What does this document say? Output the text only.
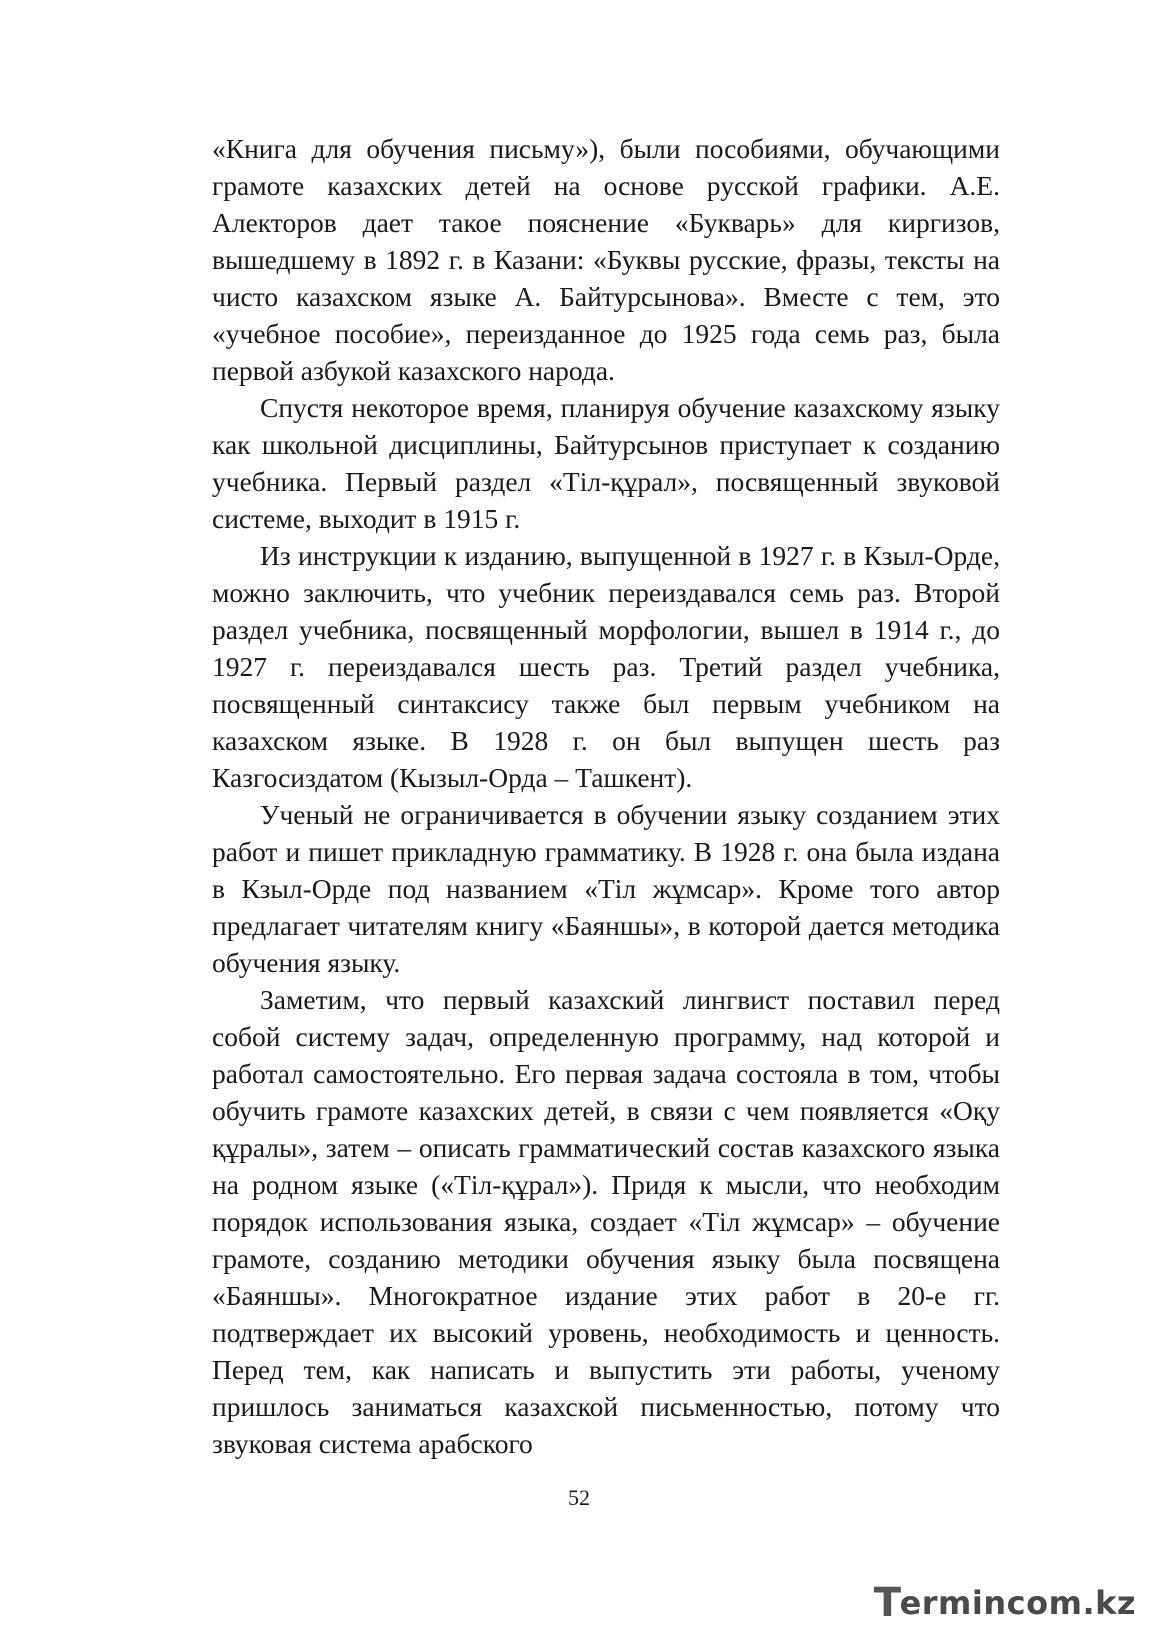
«Книга для обучения письму»), были пособиями, обучающими грамоте казахских детей на основе русской графики. А.Е. Алекторов дает такое пояснение «Букварь» для киргизов, вышедшему в 1892 г. в Казани: «Буквы русские, фразы, тексты на чисто казахском языке А. Байтурсынова». Вместе с тем, это «учебное пособие», переизданное до 1925 года семь раз, была первой азбукой казахского народа.

Спустя некоторое время, планируя обучение казахскому языку как школьной дисциплины, Байтурсынов приступает к созданию учебника. Первый раздел «Тіл-құрал», посвященный звуковой системе, выходит в 1915 г.

Из инструкции к изданию, выпущенной в 1927 г. в Кзыл-Орде, можно заключить, что учебник переиздавался семь раз. Второй раздел учебника, посвященный морфологии, вышел в 1914 г., до 1927 г. переиздавался шесть раз. Третий раздел учебника, посвященный синтаксису также был первым учебником на казахском языке. В 1928 г. он был выпущен шесть раз Казгосиздатом (Кызыл-Орда – Ташкент).

Ученый не ограничивается в обучении языку созданием этих работ и пишет прикладную грамматику. В 1928 г. она была издана в Кзыл-Орде под названием «Тіл жұмсар». Кроме того автор предлагает читателям книгу «Баяншы», в которой дается методика обучения языку.

Заметим, что первый казахский лингвист поставил перед собой систему задач, определенную программу, над которой и работал самостоятельно. Его первая задача состояла в том, чтобы обучить грамоте казахских детей, в связи с чем появляется «Оқу құралы», затем – описать грамматический состав казахского языка на родном языке («Тіл-құрал»). Придя к мысли, что необходим порядок использования языка, создает «Тіл жұмсар» – обучение грамоте, созданию методики обучения языку была посвящена «Баяншы». Многократное издание этих работ в 20-е гг. подтверждает их высокий уровень, необходимость и ценность. Перед тем, как написать и выпустить эти работы, ученому пришлось заниматься казахской письменностью, потому что звуковая система арабского

52
T
ermincom.kz
